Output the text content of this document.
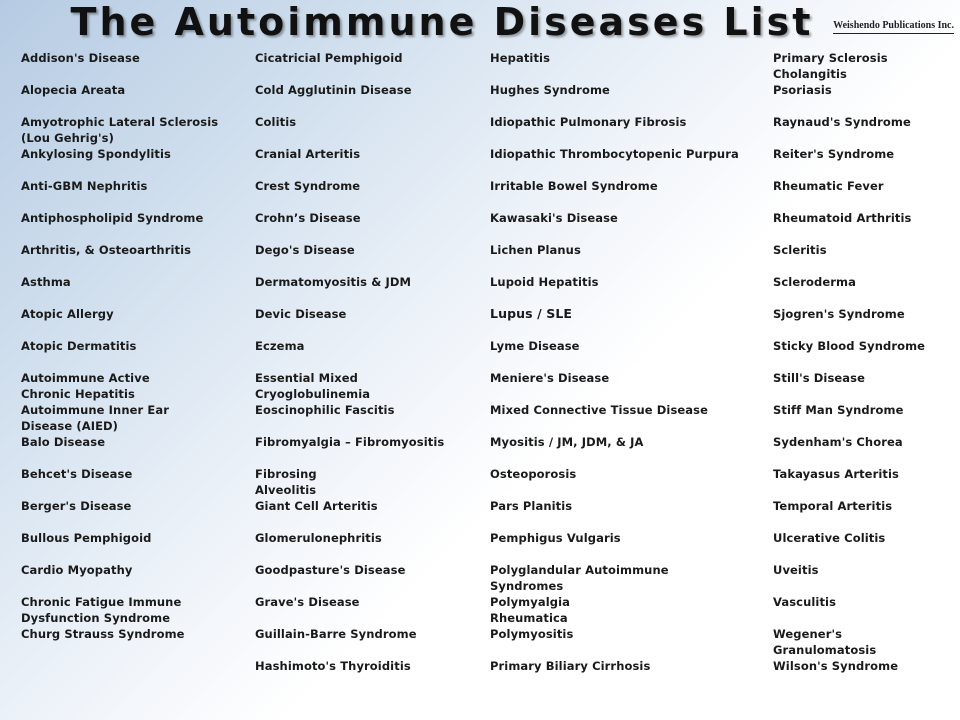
The Autoimmune Diseases List	Weishendo Publications Inc.
Addison's Disease
Alopecia Areata
Amyotrophic Lateral Sclerosis
(Lou Gehrig's)
Ankylosing Spondylitis
Anti-GBM Nephritis
Antiphospholipid Syndrome
Arthritis, & Osteoarthritis
Asthma
Atopic Allergy
Atopic Dermatitis
Autoimmune Active
Chronic Hepatitis
Autoimmune Inner Ear
Disease (AIED)
Balo Disease
Behcet's Disease
Berger's Disease
Bullous Pemphigoid
Cardio Myopathy
Chronic Fatigue Immune
Dysfunction Syndrome
Churg Strauss Syndrome
Cicatricial Pemphigoid
Cold Agglutinin Disease
Colitis
Cranial Arteritis
Crest Syndrome
Crohn’s Disease
Dego's Disease
Dermatomyositis & JDM
Devic Disease
Eczema
Essential Mixed
Cryoglobulinemia
Eoscinophilic Fascitis
Fibromyalgia – Fibromyositis
Fibrosing
Alveolitis
Giant Cell Arteritis
Glomerulonephritis
Goodpasture's Disease
Grave's Disease
Guillain-Barre Syndrome
Hashimoto's Thyroiditis
Hepatitis
Hughes Syndrome
Idiopathic Pulmonary Fibrosis
Idiopathic Thrombocytopenic Purpura
Irritable Bowel Syndrome
Kawasaki's Disease
Lichen Planus
Lupoid Hepatitis
Lupus / SLE
Lyme Disease
Meniere's Disease
Mixed Connective Tissue Disease
Myositis / JM, JDM, & JA
Osteoporosis
Pars Planitis
Pemphigus Vulgaris
Polyglandular Autoimmune
Syndromes
Polymyalgia
Rheumatica
Polymyositis
Primary Biliary Cirrhosis
Primary Sclerosis
Cholangitis
Psoriasis
Raynaud's Syndrome
Reiter's Syndrome
Rheumatic Fever
Rheumatoid Arthritis
Scleritis
Scleroderma
Sjogren's Syndrome
Sticky Blood Syndrome
Still's Disease
Stiff Man Syndrome
Sydenham's Chorea
Takayasus Arteritis
Temporal Arteritis
Ulcerative Colitis
Uveitis
Vasculitis
Wegener's
Granulomatosis
Wilson's Syndrome
